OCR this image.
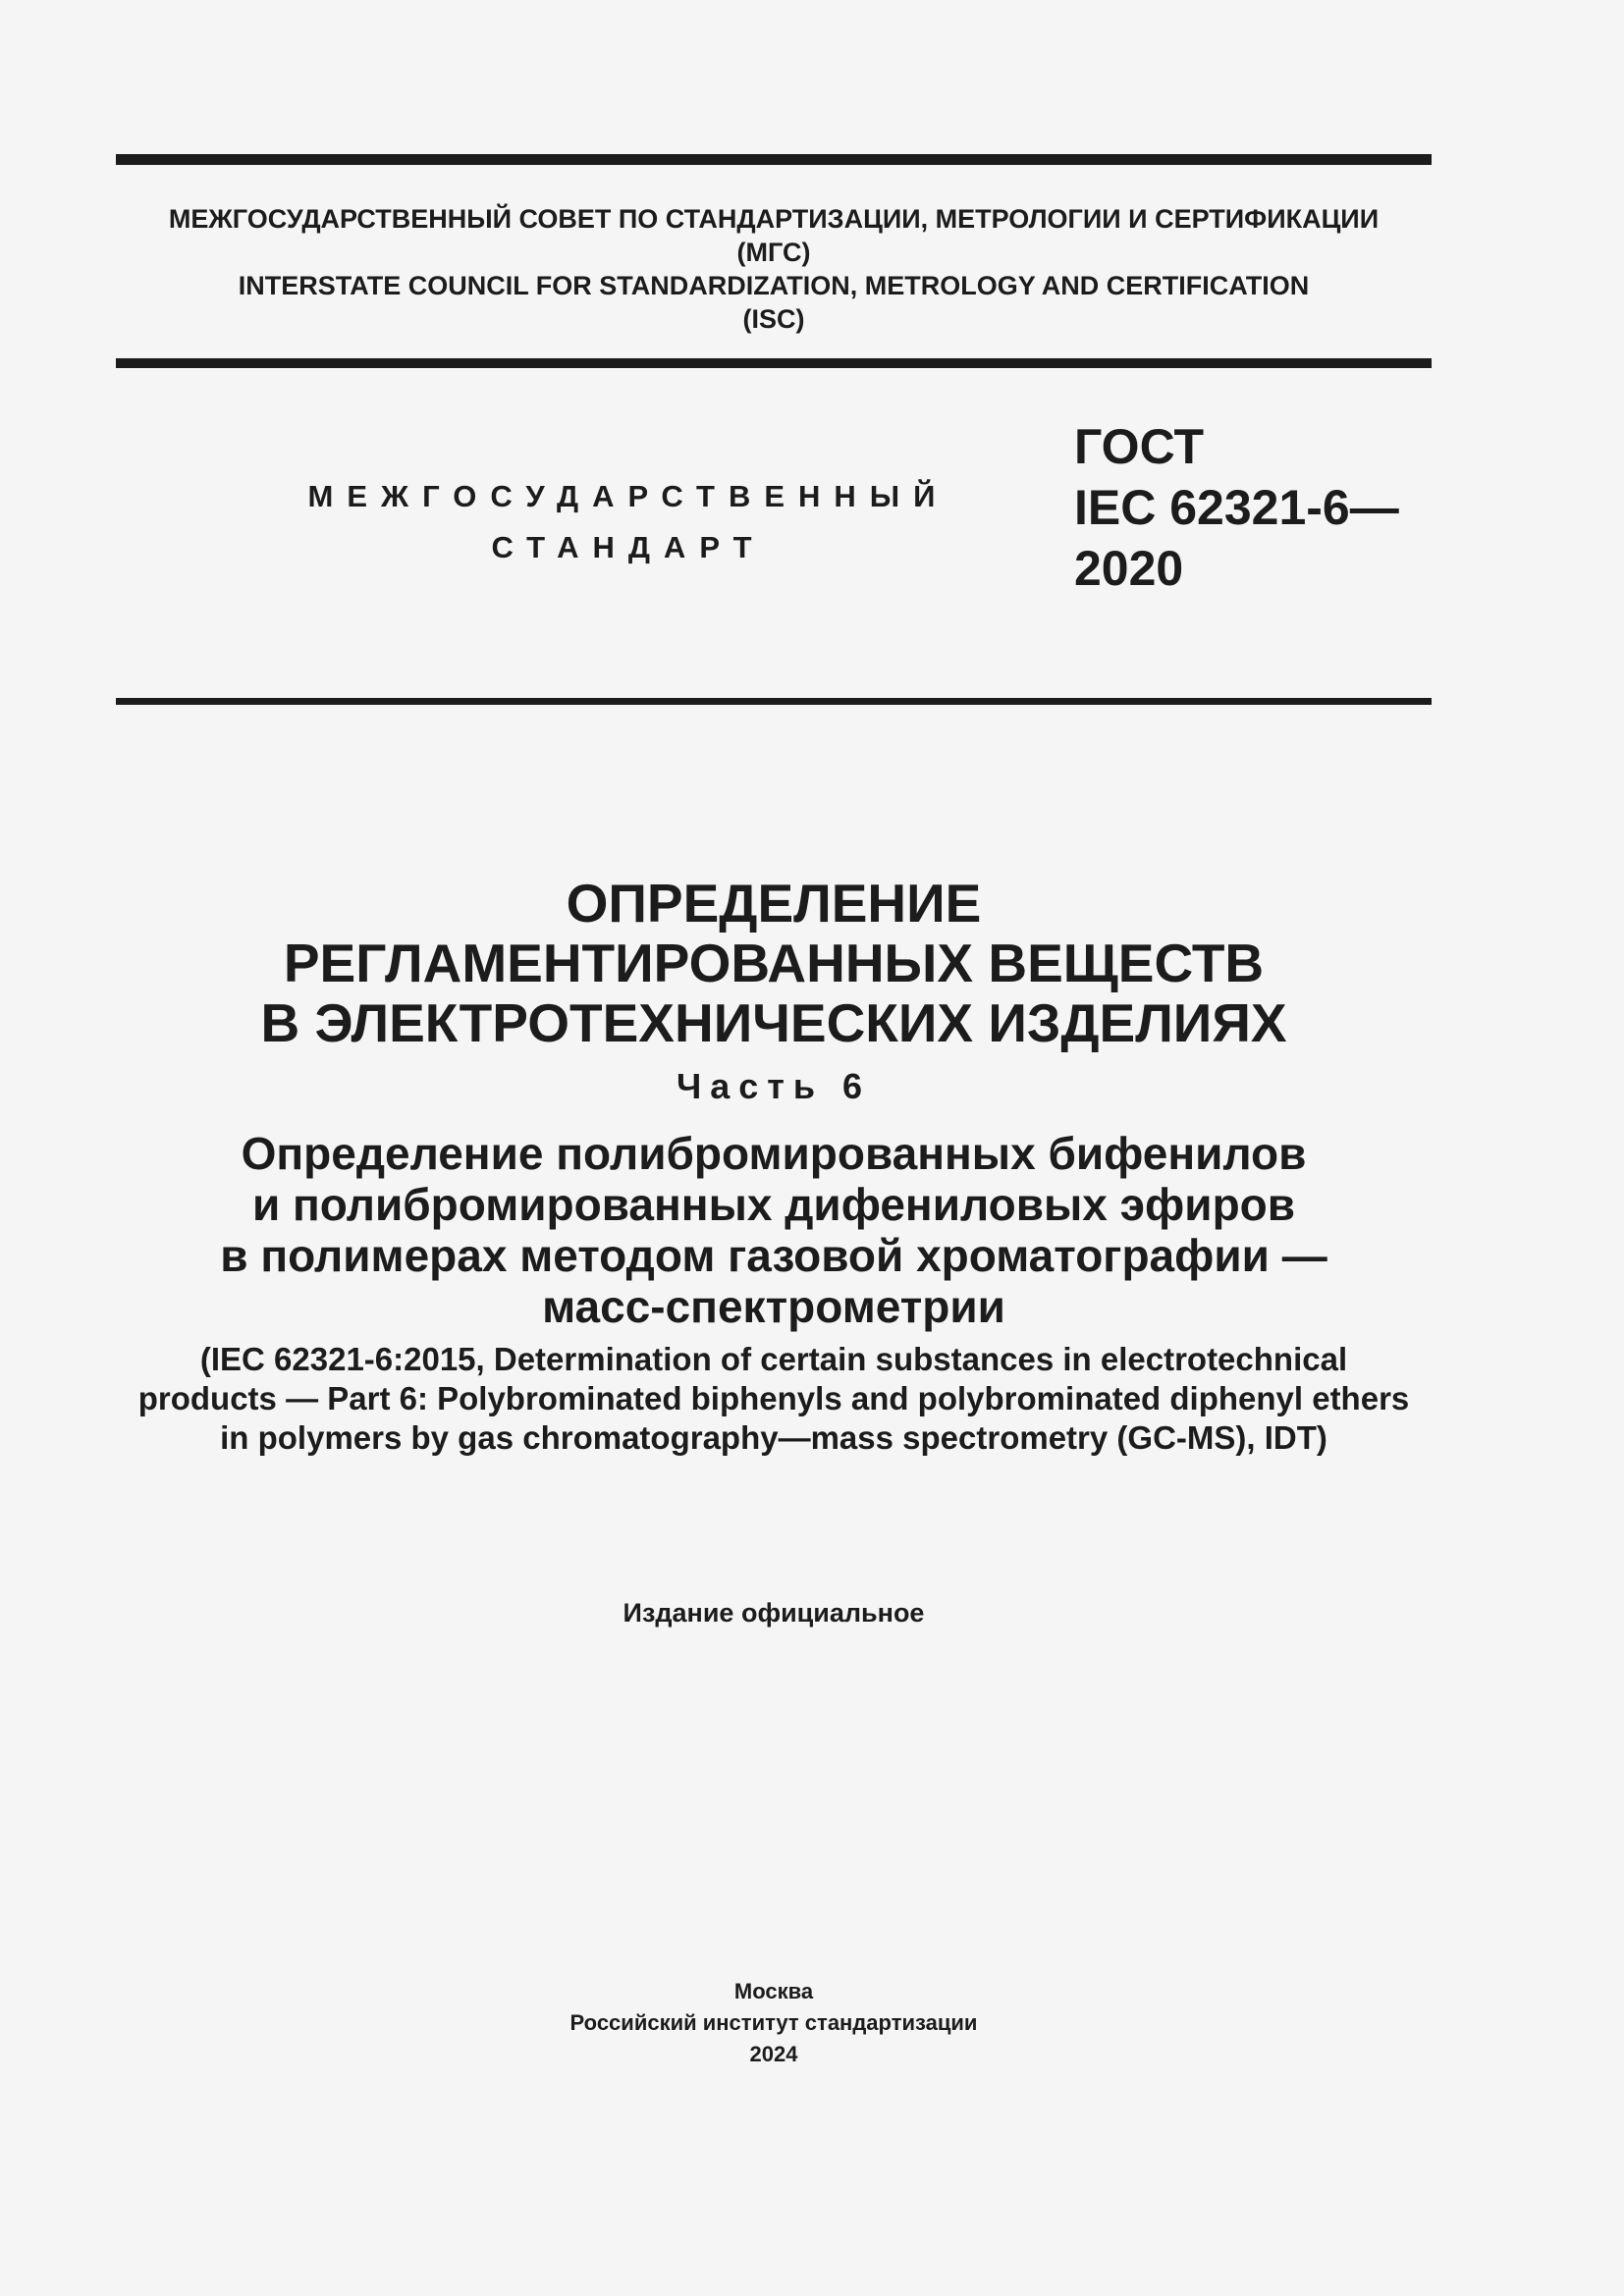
МЕЖГОСУДАРСТВЕННЫЙ СОВЕТ ПО СТАНДАРТИЗАЦИИ, МЕТРОЛОГИИ И СЕРТИФИКАЦИИ
(МГС)
INTERSTATE COUNCIL FOR STANDARDIZATION, METROLOGY AND CERTIFICATION
(ISC)
МЕЖГОСУДАРСТВЕННЫЙ
СТАНДАРТ
ГОСТ
IEC 62321-6—
2020
ОПРЕДЕЛЕНИЕ
РЕГЛАМЕНТИРОВАННЫХ ВЕЩЕСТВ
В ЭЛЕКТРОТЕХНИЧЕСКИХ ИЗДЕЛИЯХ
Часть 6
Определение полибромированных бифенилов
и полибромированных дифениловых эфиров
в полимерах методом газовой хроматографии —
масс-спектрометрии
(IEC 62321-6:2015, Determination of certain substances in electrotechnical
products — Part 6: Polybrominated biphenyls and polybrominated diphenyl ethers
in polymers by gas chromatography—mass spectrometry (GC-MS), IDT)
Издание официальное
Москва
Российский институт стандартизации
2024
